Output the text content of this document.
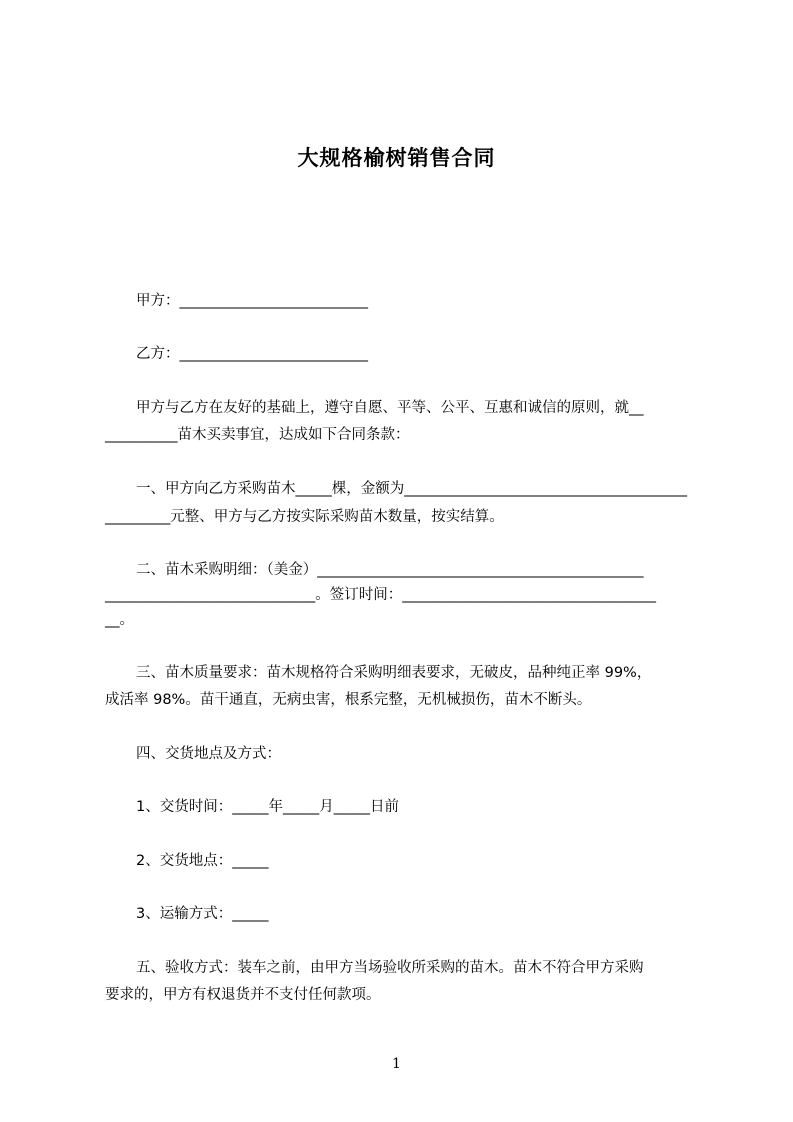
大规格榆树销售合同
甲方：__________________________
乙方：__________________________
甲方与乙方在友好的基础上，遵守自愿、平等、公平、互惠和诚信的原则，就__
__________苗木买卖事宜，达成如下合同条款：
一、甲方向乙方采购苗木_____棵，金额为_______________________________________
_________元整、甲方与乙方按实际采购苗木数量，按实结算。
二、苗木采购明细：（美金）_____________________________________________
_____________________________。签订时间：___________________________________
__。
三、苗木质量要求：苗木规格符合采购明细表要求，无破皮，品种纯正率 99%，
成活率 98%。苗干通直，无病虫害，根系完整，无机械损伤，苗木不断头。
四、交货地点及方式：
1、交货时间：_____年_____月_____日前
2、交货地点：_____
3、运输方式：_____
五、验收方式：装车之前，由甲方当场验收所采购的苗木。苗木不符合甲方采购
要求的，甲方有权退货并不支付任何款项。
1
